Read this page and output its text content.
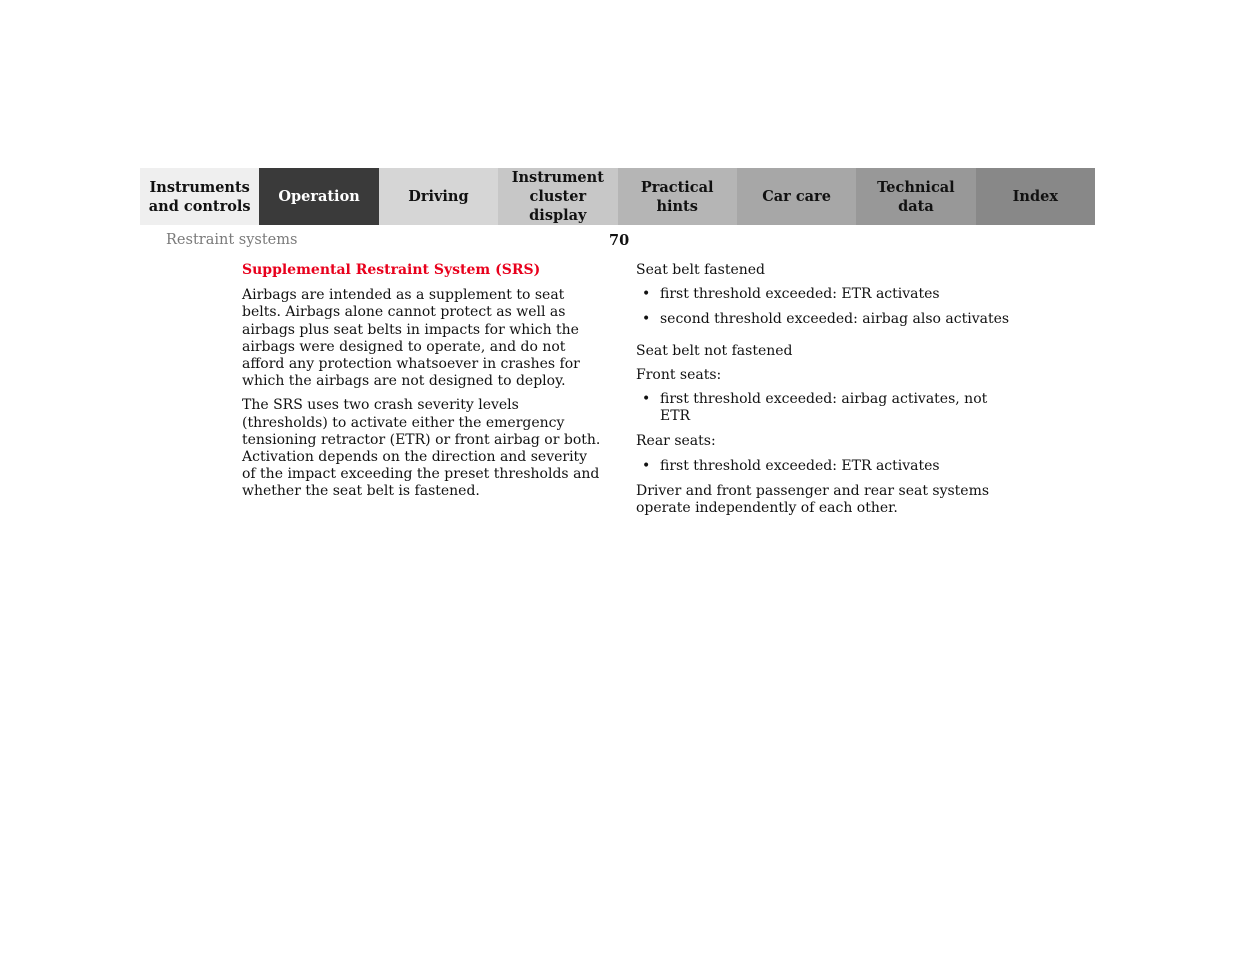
Instruments
and controls
Operation	Driving
Instrument
cluster display
Practical hints
Car care
Technical
data
Index
Restraint systems	70
Supplemental Restraint System (SRS)

Airbags are intended as a supplement to seat belts. Airbags alone cannot protect as well as airbags plus seat belts in impacts for which the airbags were designed to operate, and do not afford any protection whatsoever in crashes for which the airbags are not designed to deploy.

The SRS uses two crash severity levels (thresholds) to activate either the emergency tensioning retractor (ETR) or front airbag or both. Activation depends on the direction and severity of the impact exceeding the preset thresholds and whether the seat belt is fastened.

Seat belt fastened
• first threshold exceeded: ETR activates
• second threshold exceeded: airbag also activates
Seat belt not fastened
Front seats:
• first threshold exceeded: airbag activates, not ETR
Rear seats:
• first threshold exceeded: ETR activates

Driver and front passenger and rear seat systems operate independently of each other.
